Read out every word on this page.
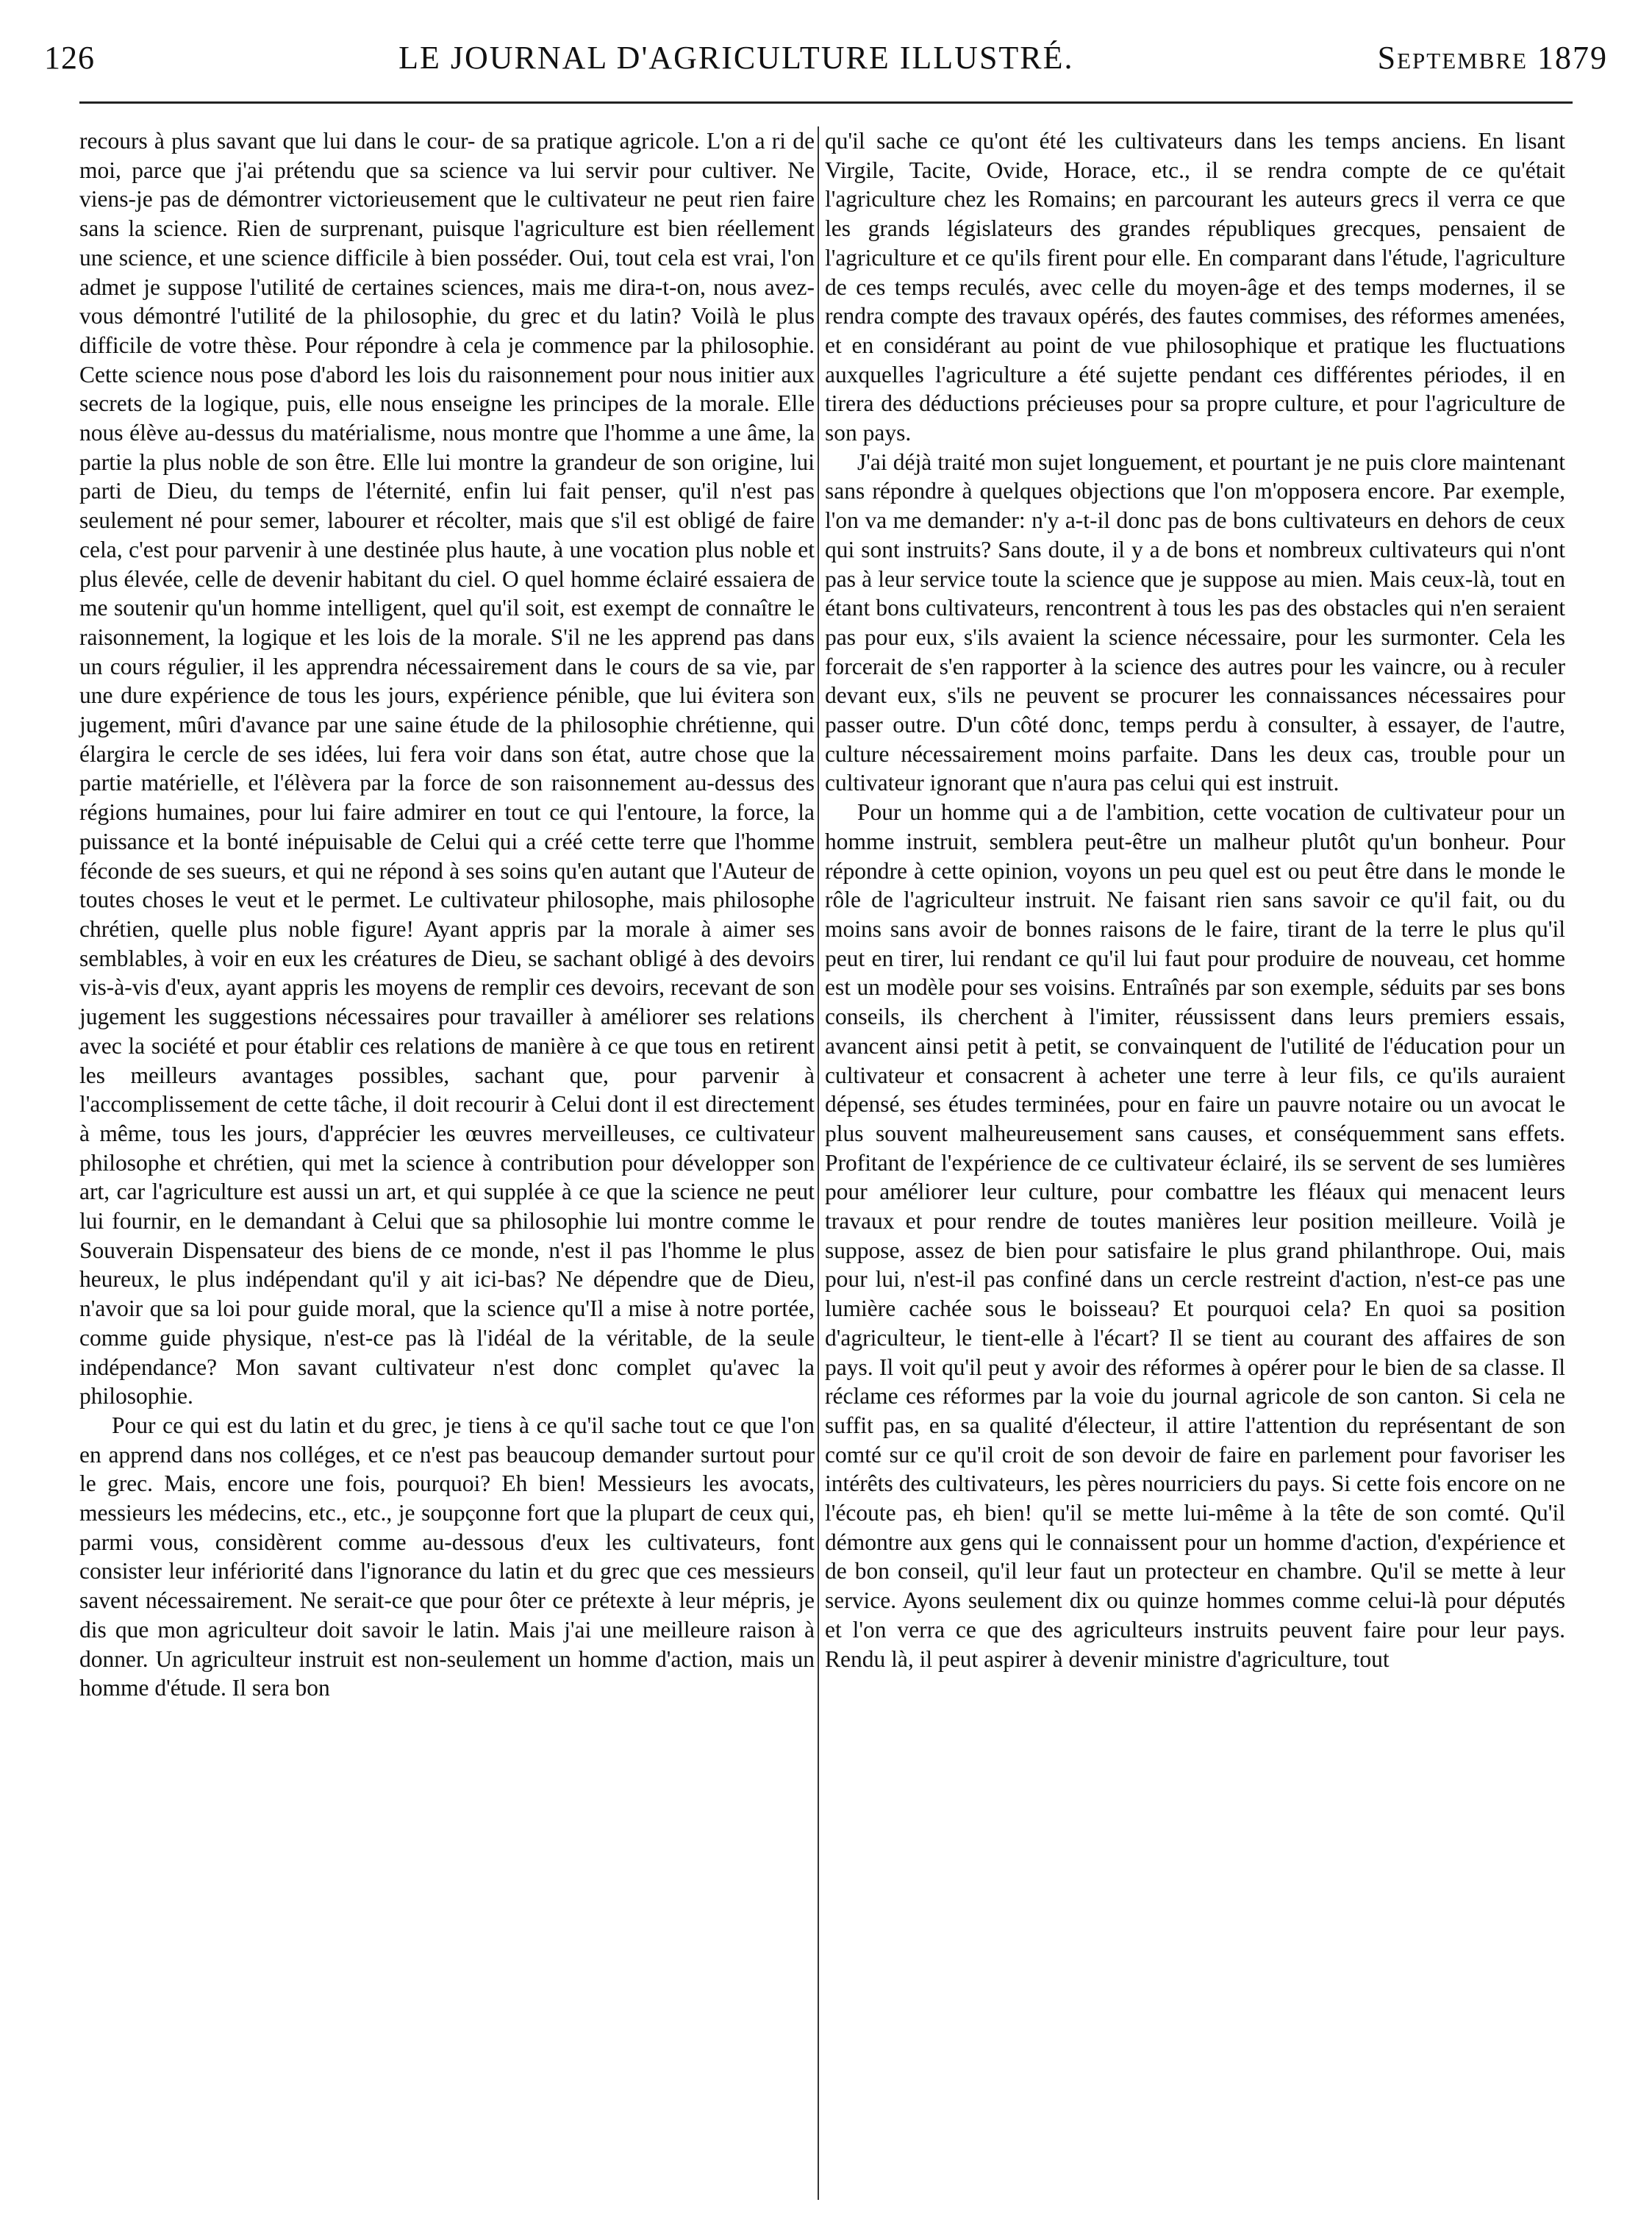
126	LE JOURNAL D'AGRICULTURE ILLUSTRÉ.	Septembre 1879

recours à plus savant que lui dans le cour- de sa pratique agricole. L'on a ri de moi, parce que j'ai prétendu que sa science va lui servir pour cultiver. Ne viens-je pas de démontrer victorieusement que le cultivateur ne peut rien faire sans la science. Rien de surprenant, puisque l'agriculture est bien réellement une science, et une science difficile à bien posséder. Oui, tout cela est vrai, l'on admet je suppose l'utilité de certaines sciences, mais me dira-t-on, nous avez-vous démontré l'utilité de la philosophie, du grec et du latin? Voilà le plus difficile de votre thèse. Pour répondre à cela je commence par la philosophie. Cette science nous pose d'abord les lois du raisonnement pour nous initier aux secrets de la logique, puis, elle nous enseigne les principes de la morale. Elle nous élève au-dessus du matérialisme, nous montre que l'homme a une âme, la partie la plus noble de son être. Elle lui montre la grandeur de son origine, lui parti de Dieu, du temps de l'éternité, enfin lui fait penser, qu'il n'est pas seulement né pour semer, labourer et récolter, mais que s'il est obligé de faire cela, c'est pour parvenir à une destinée plus haute, à une vocation plus noble et plus élevée, celle de devenir habitant du ciel. O quel homme éclairé essaiera de me soutenir qu'un homme intelligent, quel qu'il soit, est exempt de connaître le raisonnement, la logique et les lois de la morale. S'il ne les apprend pas dans un cours régulier, il les apprendra nécessairement dans le cours de sa vie, par une dure expérience de tous les jours, expérience pénible, que lui évitera son jugement, mûri d'avance par une saine étude de la philosophie chrétienne, qui élargira le cercle de ses idées, lui fera voir dans son état, autre chose que la partie matérielle, et l'élèvera par la force de son raisonnement au-dessus des régions humaines, pour lui faire admirer en tout ce qui l'entoure, la force, la puissance et la bonté inépuisable de Celui qui a créé cette terre que l'homme féconde de ses sueurs, et qui ne répond à ses soins qu'en autant que l'Auteur de toutes choses le veut et le permet. Le cultivateur philosophe, mais philosophe chrétien, quelle plus noble figure! Ayant appris par la morale à aimer ses semblables, à voir en eux les créatures de Dieu, se sachant obligé à des devoirs vis-à-vis d'eux, ayant appris les moyens de remplir ces devoirs, recevant de son jugement les suggestions nécessaires pour travailler à améliorer ses relations avec la société et pour établir ces relations de manière à ce que tous en retirent les meilleurs avantages possibles, sachant que, pour parvenir à l'accomplissement de cette tâche, il doit recourir à Celui dont il est directement à même, tous les jours, d'apprécier les œuvres merveilleuses, ce cultivateur philosophe et chrétien, qui met la science à contribution pour développer son art, car l'agriculture est aussi un art, et qui supplée à ce que la science ne peut lui fournir, en le demandant à Celui que sa philosophie lui montre comme le Souverain Dispensateur des biens de ce monde, n'est il pas l'homme le plus heureux, le plus indépendant qu'il y ait ici-bas? Ne dépendre que de Dieu, n'avoir que sa loi pour guide moral, que la science qu'Il a mise à notre portée, comme guide physique, n'est-ce pas là l'idéal de la véritable, de la seule indépendance? Mon savant cultivateur n'est donc complet qu'avec la philosophie.

Pour ce qui est du latin et du grec, je tiens à ce qu'il sache tout ce que l'on en apprend dans nos colléges, et ce n'est pas beaucoup demander surtout pour le grec. Mais, encore une fois, pourquoi? Eh bien! Messieurs les avocats, messieurs les médecins, etc., etc., je soupçonne fort que la plupart de ceux qui, parmi vous, considèrent comme au-dessous d'eux les cultivateurs, font consister leur infériorité dans l'ignorance du latin et du grec que ces messieurs savent nécessairement. Ne serait-ce que pour ôter ce prétexte à leur mépris, je dis que mon agriculteur doit savoir le latin. Mais j'ai une meilleure raison à donner. Un agriculteur instruit est non-seulement un homme d'action, mais un homme d'étude. Il sera bon

qu'il sache ce qu'ont été les cultivateurs dans les temps anciens. En lisant Virgile, Tacite, Ovide, Horace, etc., il se rendra compte de ce qu'était l'agriculture chez les Romains; en parcourant les auteurs grecs il verra ce que les grands législateurs des grandes républiques grecques, pensaient de l'agriculture et ce qu'ils firent pour elle. En comparant dans l'étude, l'agriculture de ces temps reculés, avec celle du moyen-âge et des temps modernes, il se rendra compte des travaux opérés, des fautes commises, des réformes amenées, et en considérant au point de vue philosophique et pratique les fluctuations auxquelles l'agriculture a été sujette pendant ces différentes périodes, il en tirera des déductions précieuses pour sa propre culture, et pour l'agriculture de son pays.

J'ai déjà traité mon sujet longuement, et pourtant je ne puis clore maintenant sans répondre à quelques objections que l'on m'opposera encore. Par exemple, l'on va me demander: n'y a-t-il donc pas de bons cultivateurs en dehors de ceux qui sont instruits? Sans doute, il y a de bons et nombreux cultivateurs qui n'ont pas à leur service toute la science que je suppose au mien. Mais ceux-là, tout en étant bons cultivateurs, rencontrent à tous les pas des obstacles qui n'en seraient pas pour eux, s'ils avaient la science nécessaire, pour les surmonter. Cela les forcerait de s'en rapporter à la science des autres pour les vaincre, ou à reculer devant eux, s'ils ne peuvent se procurer les connaissances nécessaires pour passer outre. D'un côté donc, temps perdu à consulter, à essayer, de l'autre, culture nécessairement moins parfaite. Dans les deux cas, trouble pour un cultivateur ignorant que n'aura pas celui qui est instruit.

Pour un homme qui a de l'ambition, cette vocation de cultivateur pour un homme instruit, semblera peut-être un malheur plutôt qu'un bonheur. Pour répondre à cette opinion, voyons un peu quel est ou peut être dans le monde le rôle de l'agriculteur instruit. Ne faisant rien sans savoir ce qu'il fait, ou du moins sans avoir de bonnes raisons de le faire, tirant de la terre le plus qu'il peut en tirer, lui rendant ce qu'il lui faut pour produire de nouveau, cet homme est un modèle pour ses voisins. Entraînés par son exemple, séduits par ses bons conseils, ils cherchent à l'imiter, réussissent dans leurs premiers essais, avancent ainsi petit à petit, se convainquent de l'utilité de l'éducation pour un cultivateur et consacrent à acheter une terre à leur fils, ce qu'ils auraient dépensé, ses études terminées, pour en faire un pauvre notaire ou un avocat le plus souvent malheureusement sans causes, et conséquemment sans effets. Profitant de l'expérience de ce cultivateur éclairé, ils se servent de ses lumières pour améliorer leur culture, pour combattre les fléaux qui menacent leurs travaux et pour rendre de toutes manières leur position meilleure. Voilà je suppose, assez de bien pour satisfaire le plus grand philanthrope. Oui, mais pour lui, n'est-il pas confiné dans un cercle restreint d'action, n'est-ce pas une lumière cachée sous le boisseau? Et pourquoi cela? En quoi sa position d'agriculteur, le tient-elle à l'écart? Il se tient au courant des affaires de son pays. Il voit qu'il peut y avoir des réformes à opérer pour le bien de sa classe. Il réclame ces réformes par la voie du journal agricole de son canton. Si cela ne suffit pas, en sa qualité d'électeur, il attire l'attention du représentant de son comté sur ce qu'il croit de son devoir de faire en parlement pour favoriser les intérêts des cultivateurs, les pères nourriciers du pays. Si cette fois encore on ne l'écoute pas, eh bien! qu'il se mette lui-même à la tête de son comté. Qu'il démontre aux gens qui le connaissent pour un homme d'action, d'expérience et de bon conseil, qu'il leur faut un protecteur en chambre. Qu'il se mette à leur service. Ayons seulement dix ou quinze hommes comme celui-là pour députés et l'on verra ce que des agriculteurs instruits peuvent faire pour leur pays. Rendu là, il peut aspirer à devenir ministre d'agriculture, tout
